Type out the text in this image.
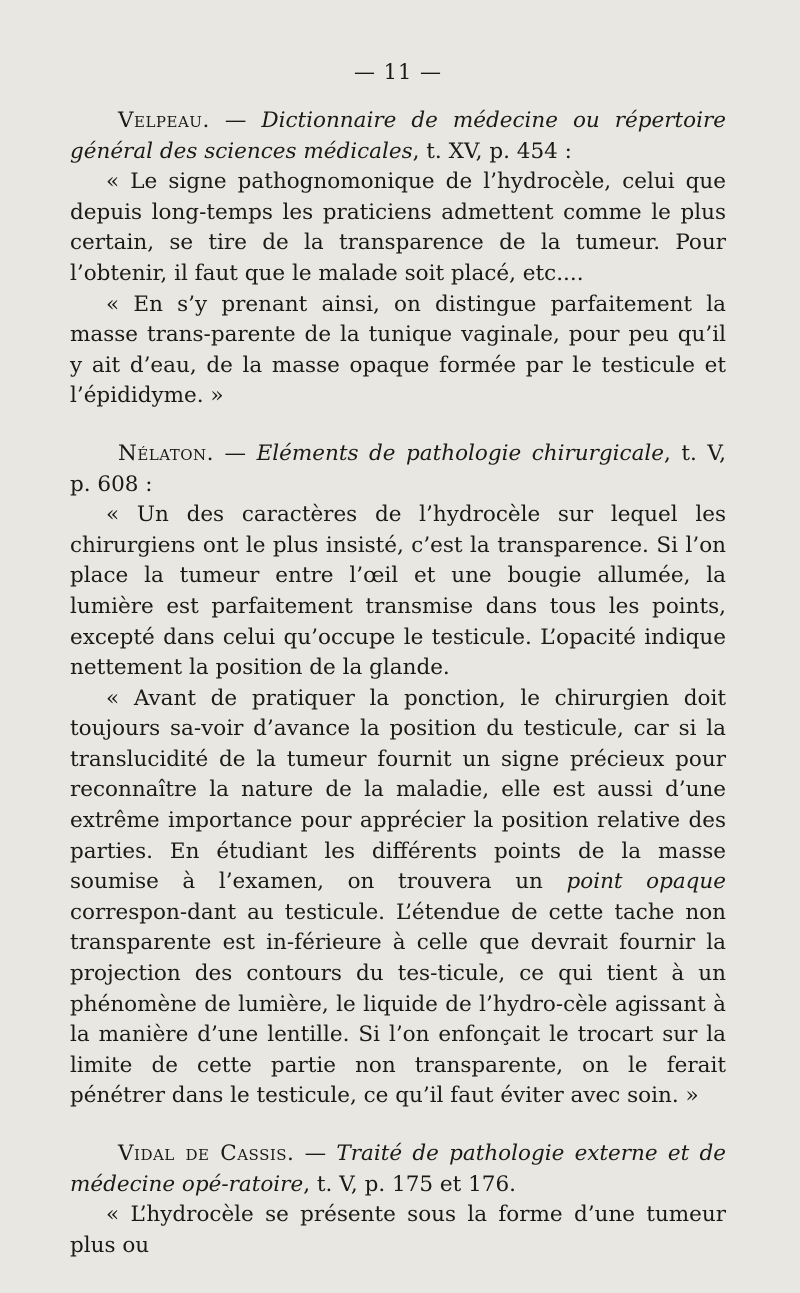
— 11 —

Velpeau. — Dictionnaire de médecine ou répertoire général des sciences médicales, t. XV, p. 454 :

« Le signe pathognomonique de l’hydrocèle, celui que depuis long-temps les praticiens admettent comme le plus certain, se tire de la transparence de la tumeur. Pour l’obtenir, il faut que le malade soit placé, etc....

« En s’y prenant ainsi, on distingue parfaitement la masse trans-parente de la tunique vaginale, pour peu qu’il y ait d’eau, de la masse opaque formée par le testicule et l’épididyme. »

Nélaton. — Eléments de pathologie chirurgicale, t. V, p. 608 :

« Un des caractères de l’hydrocèle sur lequel les chirurgiens ont le plus insisté, c’est la transparence. Si l’on place la tumeur entre l’œil et une bougie allumée, la lumière est parfaitement transmise dans tous les points, excepté dans celui qu’occupe le testicule. L’opacité indique nettement la position de la glande.

« Avant de pratiquer la ponction, le chirurgien doit toujours sa-voir d’avance la position du testicule, car si la translucidité de la tumeur fournit un signe précieux pour reconnaître la nature de la maladie, elle est aussi d’une extrême importance pour apprécier la position relative des parties. En étudiant les différents points de la masse soumise à l’examen, on trouvera un point opaque correspon-dant au testicule. L’étendue de cette tache non transparente est in-férieure à celle que devrait fournir la projection des contours du tes-ticule, ce qui tient à un phénomène de lumière, le liquide de l’hydro-cèle agissant à la manière d’une lentille. Si l’on enfonçait le trocart sur la limite de cette partie non transparente, on le ferait pénétrer dans le testicule, ce qu’il faut éviter avec soin. »

Vidal de Cassis. — Traité de pathologie externe et de médecine opé-ratoire, t. V, p. 175 et 176.

« L’hydrocèle se présente sous la forme d’une tumeur plus ou
